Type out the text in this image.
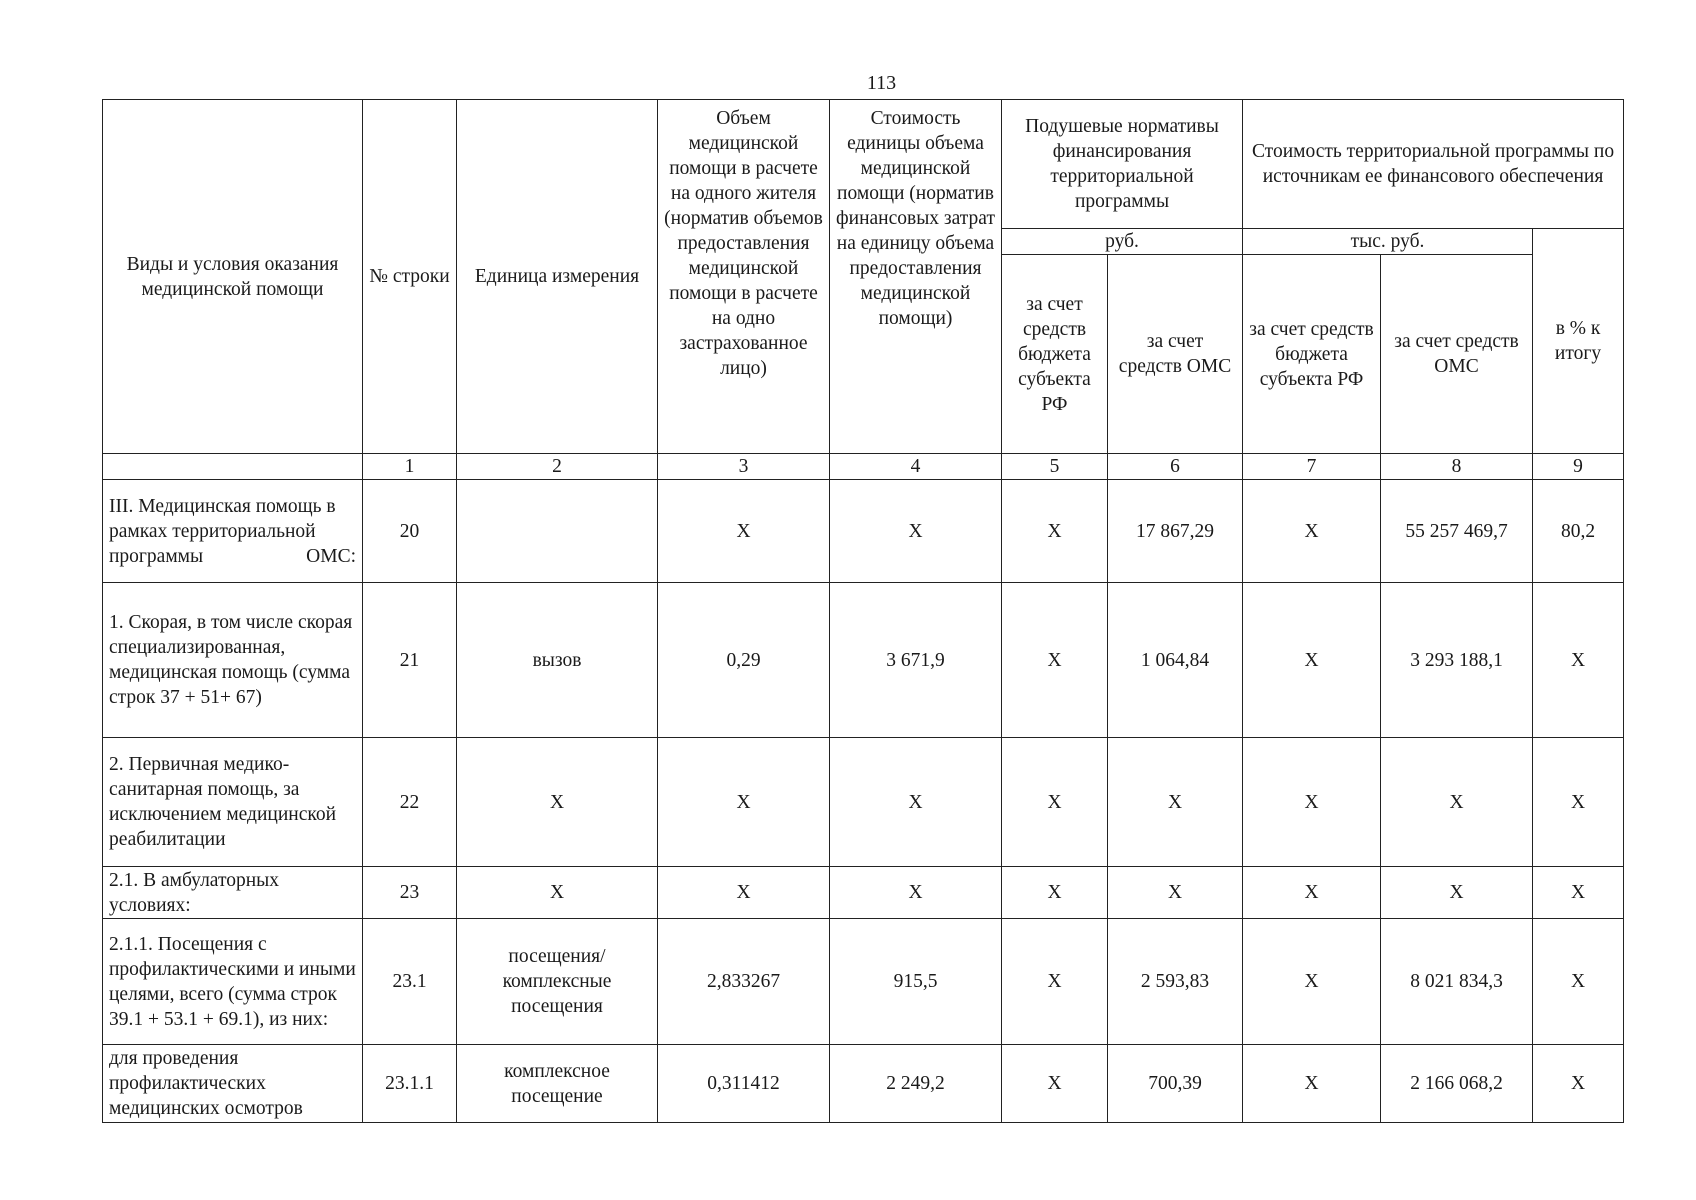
113
Виды и условия оказания медицинской помощи	№ строки	Единица измерения	Объем медицинской помощи в расчете на одного жителя (норматив объемов предоставления медицинской помощи в расчете на одно застрахованное лицо)	Стоимость единицы объема медицинской помощи (норматив финансовых затрат на единицу объема предоставления медицинской помощи)	Подушевые нормативы финансирования территориальной программы		Стоимость территориальной программы по источникам ее финансового обеспечения		
					руб.		тыс. руб.		в % к итогу
					за счет средств бюджета субъекта РФ	за счет средств ОМС	за счет средств бюджета субъекта РФ	за счет средств ОМС	
	1	2	3	4	5	6	7	8	9
III. Медицинская помощь в рамках территориальной программы ОМС:	20		X	X	X	17 867,29	X	55 257 469,7	80,2
1. Скорая, в том числе скорая специализированная, медицинская помощь (сумма строк 37 + 51+ 67)	21	вызов	0,29	3 671,9	X	1 064,84	X	3 293 188,1	X
2. Первичная медико-санитарная помощь, за исключением медицинской реабилитации	22	X	X	X	X	X	X	X	X
2.1. В амбулаторных условиях:	23	X	X	X	X	X	X	X	X
2.1.1. Посещения с профилактическими и иными целями, всего (сумма строк 39.1 + 53.1 + 69.1), из них:	23.1	посещения/ комплексные посещения	2,833267	915,5	X	2 593,83	X	8 021 834,3	X
для проведения профилактических медицинских осмотров	23.1.1	комплексное посещение	0,311412	2 249,2	X	700,39	X	2 166 068,2	X
